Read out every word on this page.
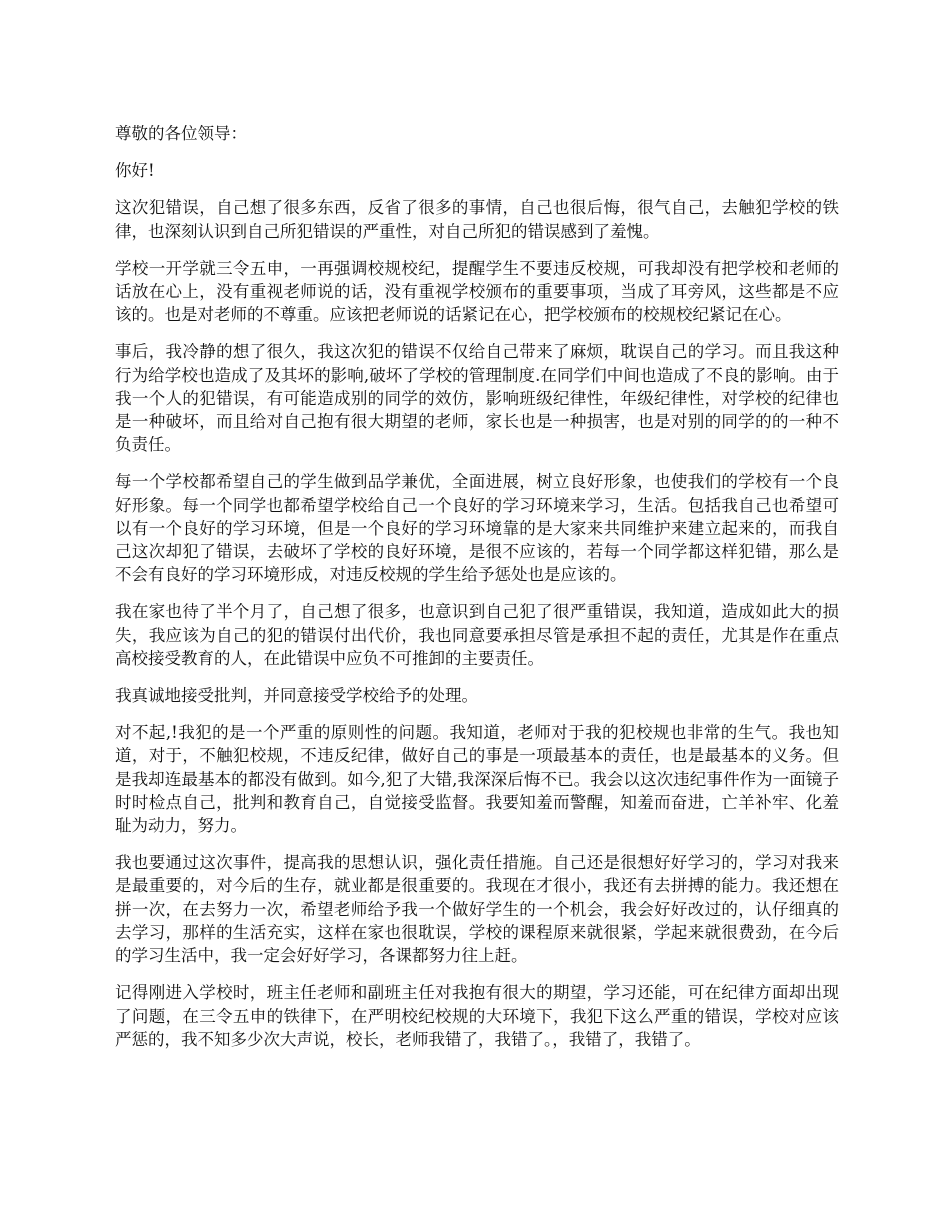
尊敬的各位领导：

你好!

这次犯错误，自己想了很多东西，反省了很多的事情，自己也很后悔，很气自己，去触犯学校的铁律，也深刻认识到自己所犯错误的严重性，对自己所犯的错误感到了羞愧。

学校一开学就三令五申，一再强调校规校纪，提醒学生不要违反校规，可我却没有把学校和老师的话放在心上，没有重视老师说的话，没有重视学校颁布的重要事项，当成了耳旁风，这些都是不应该的。也是对老师的不尊重。应该把老师说的话紧记在心，把学校颁布的校规校纪紧记在心。

事后，我冷静的想了很久，我这次犯的错误不仅给自己带来了麻烦，耽误自己的学习。而且我这种行为给学校也造成了及其坏的影响,破坏了学校的管理制度.在同学们中间也造成了不良的影响。由于我一个人的犯错误，有可能造成别的同学的效仿，影响班级纪律性，年级纪律性，对学校的纪律也是一种破坏，而且给对自己抱有很大期望的老师，家长也是一种损害，也是对别的同学的的一种不负责任。

每一个学校都希望自己的学生做到品学兼优，全面进展，树立良好形象，也使我们的学校有一个良好形象。每一个同学也都希望学校给自己一个良好的学习环境来学习，生活。包括我自己也希望可以有一个良好的学习环境，但是一个良好的学习环境靠的是大家来共同维护来建立起来的，而我自己这次却犯了错误，去破坏了学校的良好环境，是很不应该的，若每一个同学都这样犯错，那么是不会有良好的学习环境形成，对违反校规的学生给予惩处也是应该的。

我在家也待了半个月了，自己想了很多，也意识到自己犯了很严重错误，我知道，造成如此大的损失，我应该为自己的犯的错误付出代价，我也同意要承担尽管是承担不起的责任，尤其是作在重点高校接受教育的人，在此错误中应负不可推卸的主要责任。

我真诚地接受批判，并同意接受学校给予的处理。

对不起,!我犯的是一个严重的原则性的问题。我知道，老师对于我的犯校规也非常的生气。我也知道，对于，不触犯校规，不违反纪律，做好自己的事是一项最基本的责任，也是最基本的义务。但是我却连最基本的都没有做到。如今,犯了大错,我深深后悔不已。我会以这次违纪事件作为一面镜子时时检点自己，批判和教育自己，自觉接受监督。我要知羞而警醒，知羞而奋进，亡羊补牢、化羞耻为动力，努力。

我也要通过这次事件，提高我的思想认识，强化责任措施。自己还是很想好好学习的，学习对我来是最重要的，对今后的生存，就业都是很重要的。我现在才很小，我还有去拼搏的能力。我还想在拼一次，在去努力一次，希望老师给予我一个做好学生的一个机会，我会好好改过的，认仔细真的去学习，那样的生活充实，这样在家也很耽误，学校的课程原来就很紧，学起来就很费劲，在今后的学习生活中，我一定会好好学习，各课都努力往上赶。

记得刚进入学校时，班主任老师和副班主任对我抱有很大的期望，学习还能，可在纪律方面却出现了问题，在三令五申的铁律下，在严明校纪校规的大环境下，我犯下这么严重的错误，学校对应该严惩的，我不知多少次大声说，校长，老师我错了，我错了。，我错了，我错了。
